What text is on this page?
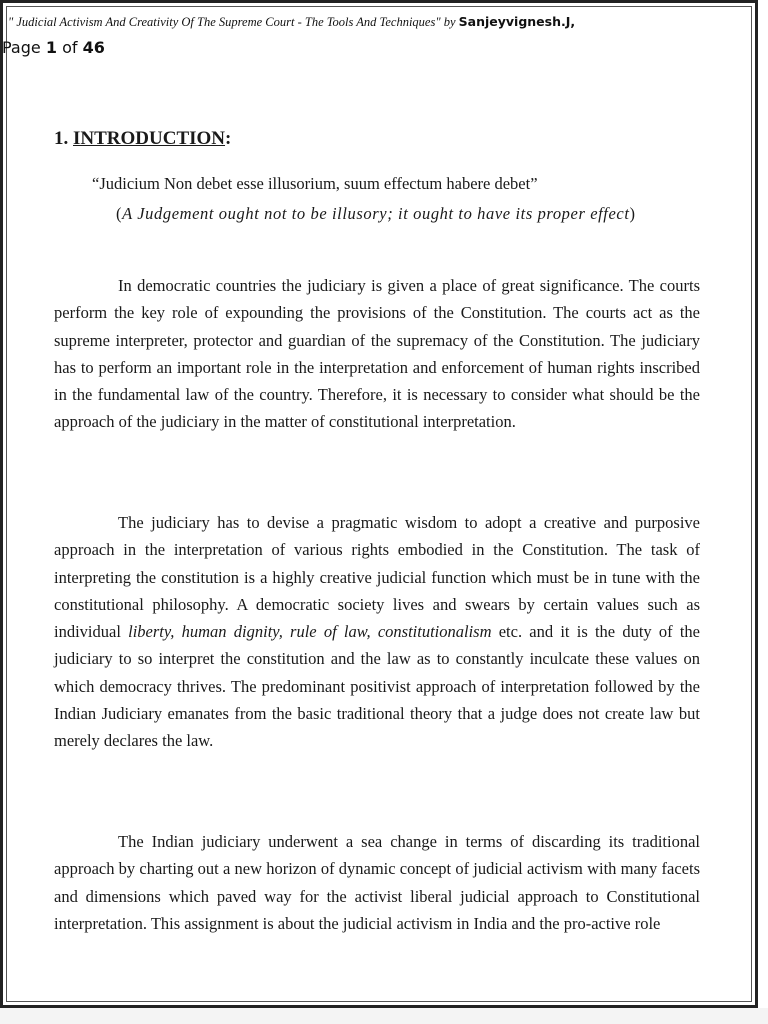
" Judicial Activism And Creativity Of The Supreme Court - The Tools And Techniques" by Sanjeyvignesh.J,
Page 1 of 46
1. INTRODUCTION:
“Judicium Non debet esse illusorium, suum effectum habere debet”
(A Judgement ought not to be illusory; it ought to have its proper effect)

In democratic countries the judiciary is given a place of great significance. The courts perform the key role of expounding the provisions of the Constitution. The courts act as the supreme interpreter, protector and guardian of the supremacy of the Constitution. The judiciary has to perform an important role in the interpretation and enforcement of human rights inscribed in the fundamental law of the country. Therefore, it is necessary to consider what should be the approach of the judiciary in the matter of constitutional interpretation.

The judiciary has to devise a pragmatic wisdom to adopt a creative and purposive approach in the interpretation of various rights embodied in the Constitution. The task of interpreting the constitution is a highly creative judicial function which must be in tune with the constitutional philosophy. A democratic society lives and swears by certain values such as individual liberty, human dignity, rule of law, constitutionalism etc. and it is the duty of the judiciary to so interpret the constitution and the law as to constantly inculcate these values on which democracy thrives. The predominant positivist approach of interpretation followed by the Indian Judiciary emanates from the basic traditional theory that a judge does not create law but merely declares the law.

The Indian judiciary underwent a sea change in terms of discarding its traditional approach by charting out a new horizon of dynamic concept of judicial activism with many facets and dimensions which paved way for the activist liberal judicial approach to Constitutional interpretation. This assignment is about the judicial activism in India and the pro-active role
